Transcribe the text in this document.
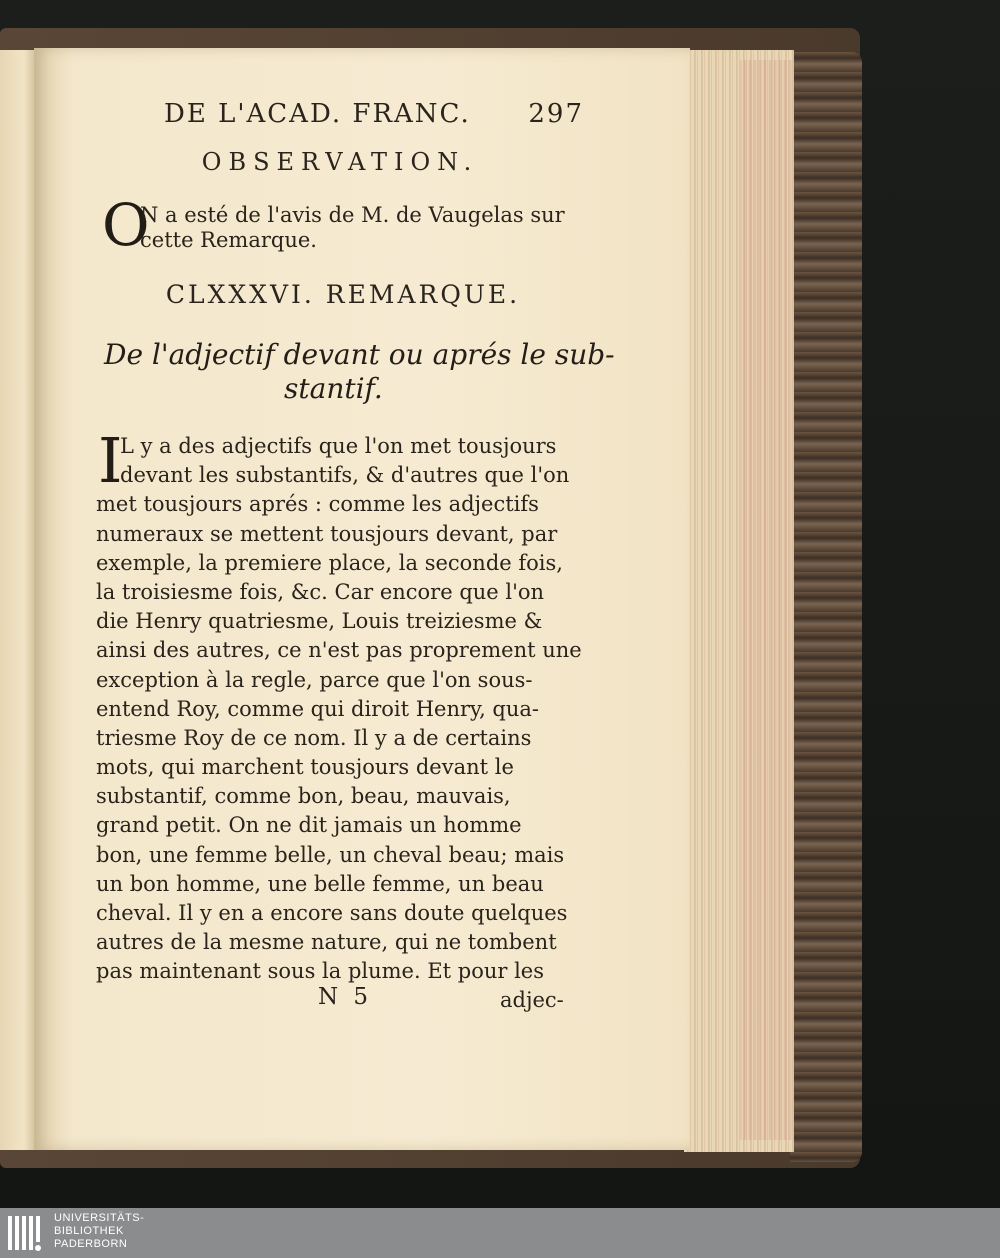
DE L'ACAD. FRANC. 297
OBSERVATION.
O
N a esté de l'avis de M. de Vaugelas sur
cette Remarque.
CLXXXVI. REMARQUE.
De l'adjectif devant ou aprés le sub-
stantif.
I
L y a des adjectifs que l'on met tousjours
devant les substantifs, & d'autres que l'on
met tousjours aprés : comme les adjectifs
numeraux se mettent tousjours devant, par
exemple, la premiere place, la seconde fois,
la troisiesme fois, &c. Car encore que l'on
die Henry quatriesme, Louis treiziesme &
ainsi des autres, ce n'est pas proprement une
exception à la regle, parce que l'on sous-
entend Roy, comme qui diroit Henry, qua-
triesme Roy de ce nom. Il y a de certains
mots, qui marchent tousjours devant le
substantif, comme bon, beau, mauvais,
grand petit. On ne dit jamais un homme
bon, une femme belle, un cheval beau; mais
un bon homme, une belle femme, un beau
cheval. Il y en a encore sans doute quelques
autres de la mesme nature, qui ne tombent
pas maintenant sous la plume. Et pour les
N 5	adjec-
UNIVERSITÄTS-
BIBLIOTHEK
PADERBORN
